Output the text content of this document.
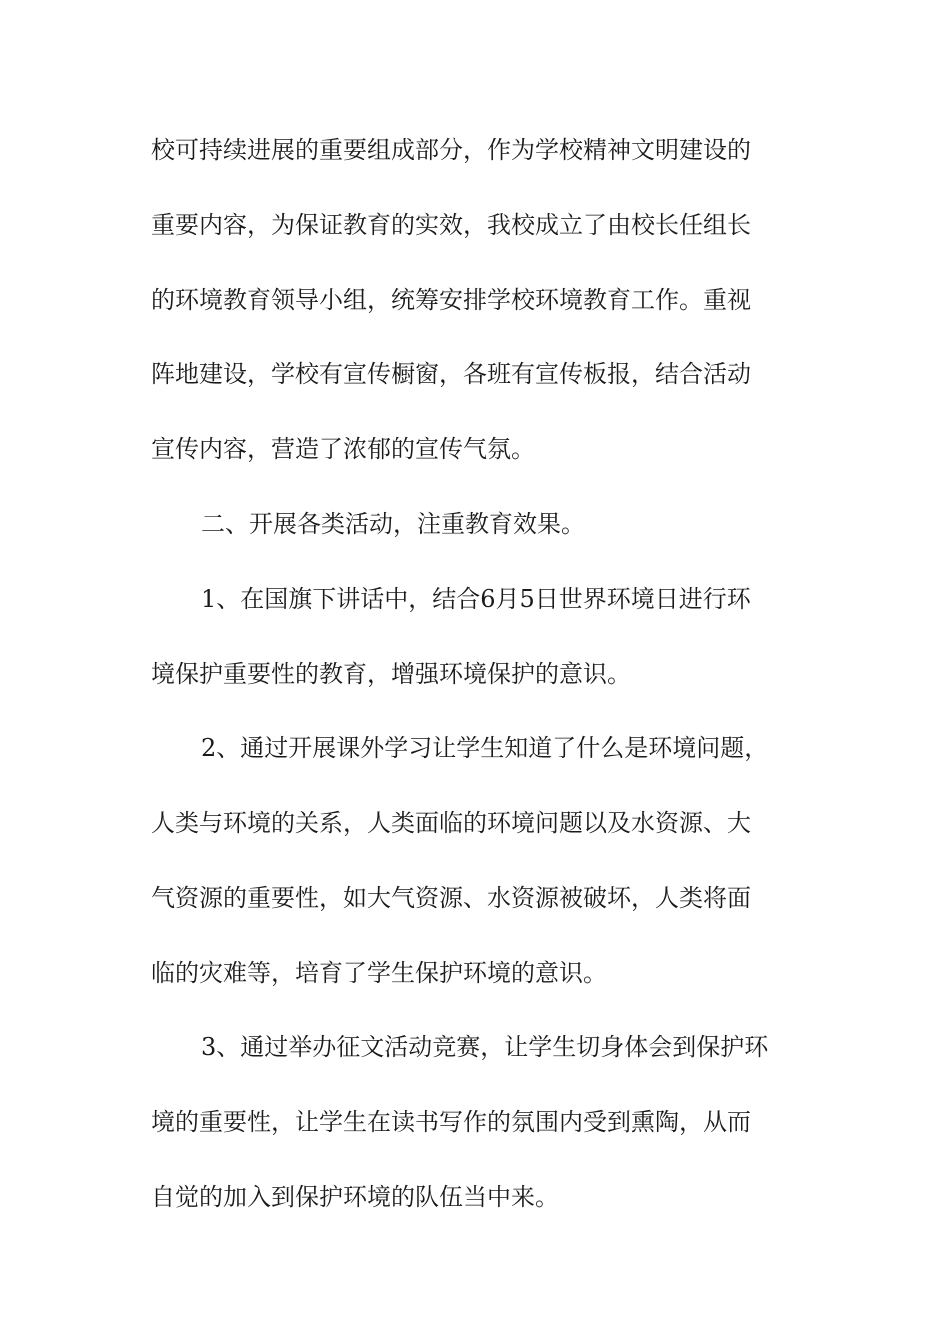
校可持续进展的重要组成部分，作为学校精神文明建设的

重要内容，为保证教育的实效，我校成立了由校长任组长

的环境教育领导小组，统筹安排学校环境教育工作。重视

阵地建设，学校有宣传橱窗，各班有宣传板报，结合活动

宣传内容，营造了浓郁的宣传气氛。

二、开展各类活动，注重教育效果。

1、在国旗下讲话中，结合6月5日世界环境日进行环

境保护重要性的教育，增强环境保护的意识。

2、通过开展课外学习让学生知道了什么是环境问题，

人类与环境的关系，人类面临的环境问题以及水资源、大

气资源的重要性，如大气资源、水资源被破坏，人类将面

临的灾难等，培育了学生保护环境的意识。

3、通过举办征文活动竞赛，让学生切身体会到保护环

境的重要性，让学生在读书写作的氛围内受到熏陶，从而

自觉的加入到保护环境的队伍当中来。
